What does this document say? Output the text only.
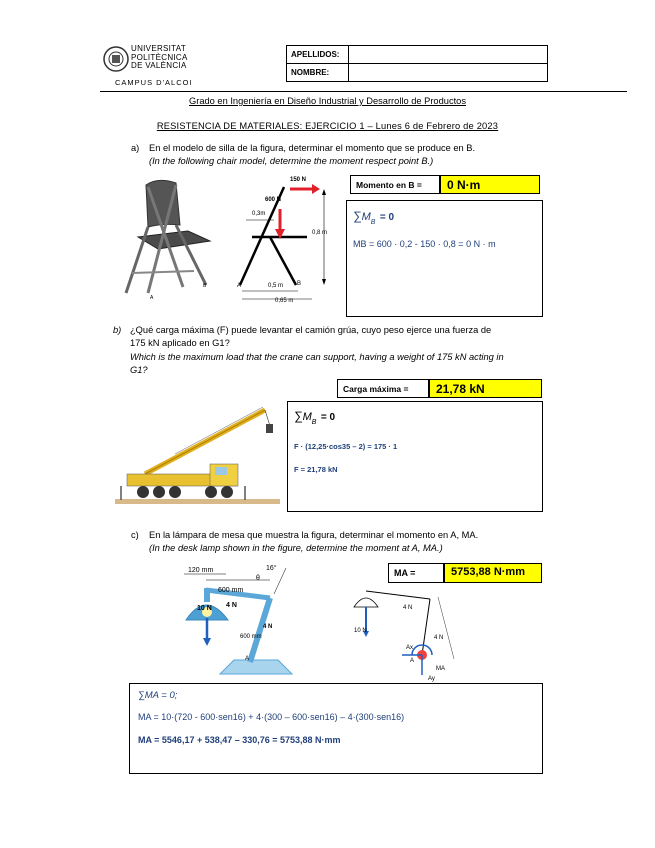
UNIVERSITAT
POLITÈCNICA
DE VALÈNCIA
CAMPUS D'ALCOI
APELLIDOS:
NOMBRE:
Grado en Ingeniería en Diseño Industrial y Desarrollo de Productos
RESISTENCIA DE MATERIALES: EJERCICIO 1 – Lunes 6 de Febrero de 2023
a) En el modelo de silla de la figura, determinar el momento que se produce en B.
(In the following chair model, determine the moment respect point B.)
A
B
150 N
600 N
0,3m
0,8 m
0,5 m
0,65 m
A	B
Momento en B =	0 N·m
$\sum M_B = 0$
MB = 600 · 0,2 - 150 · 0,8 = 0 N · m
b) ¿Qué carga máxima (F) puede levantar el camión grúa, cuyo peso ejerce una fuerza de
175 kN aplicado en G1?
Which is the maximum load that the crane can support, having a weight of 175 kN acting in
G1?
Carga máxima =	21,78 kN
$\sum M_B = 0$
F · (12,25·cos35 – 2) = 175 · 1
F = 21,78 kN
c) En la lámpara de mesa que muestra la figura, determinar el momento en A, MA.
(In the desk lamp shown in the figure, determine the moment at A, MA.)
120 mm
600 mm
16°
10 N 4 N
4 N
600 mm
A
θ
10 N
4 N
4 N
Ax
A
Ay
MA
MA =	5753,88 N·mm
∑MA = 0;
MA = 10·(720 - 600·sen16) + 4·(300 – 600·sen16) – 4·(300·sen16)
MA = 5546,17 + 538,47 – 330,76 = 5753,88 N·mm
